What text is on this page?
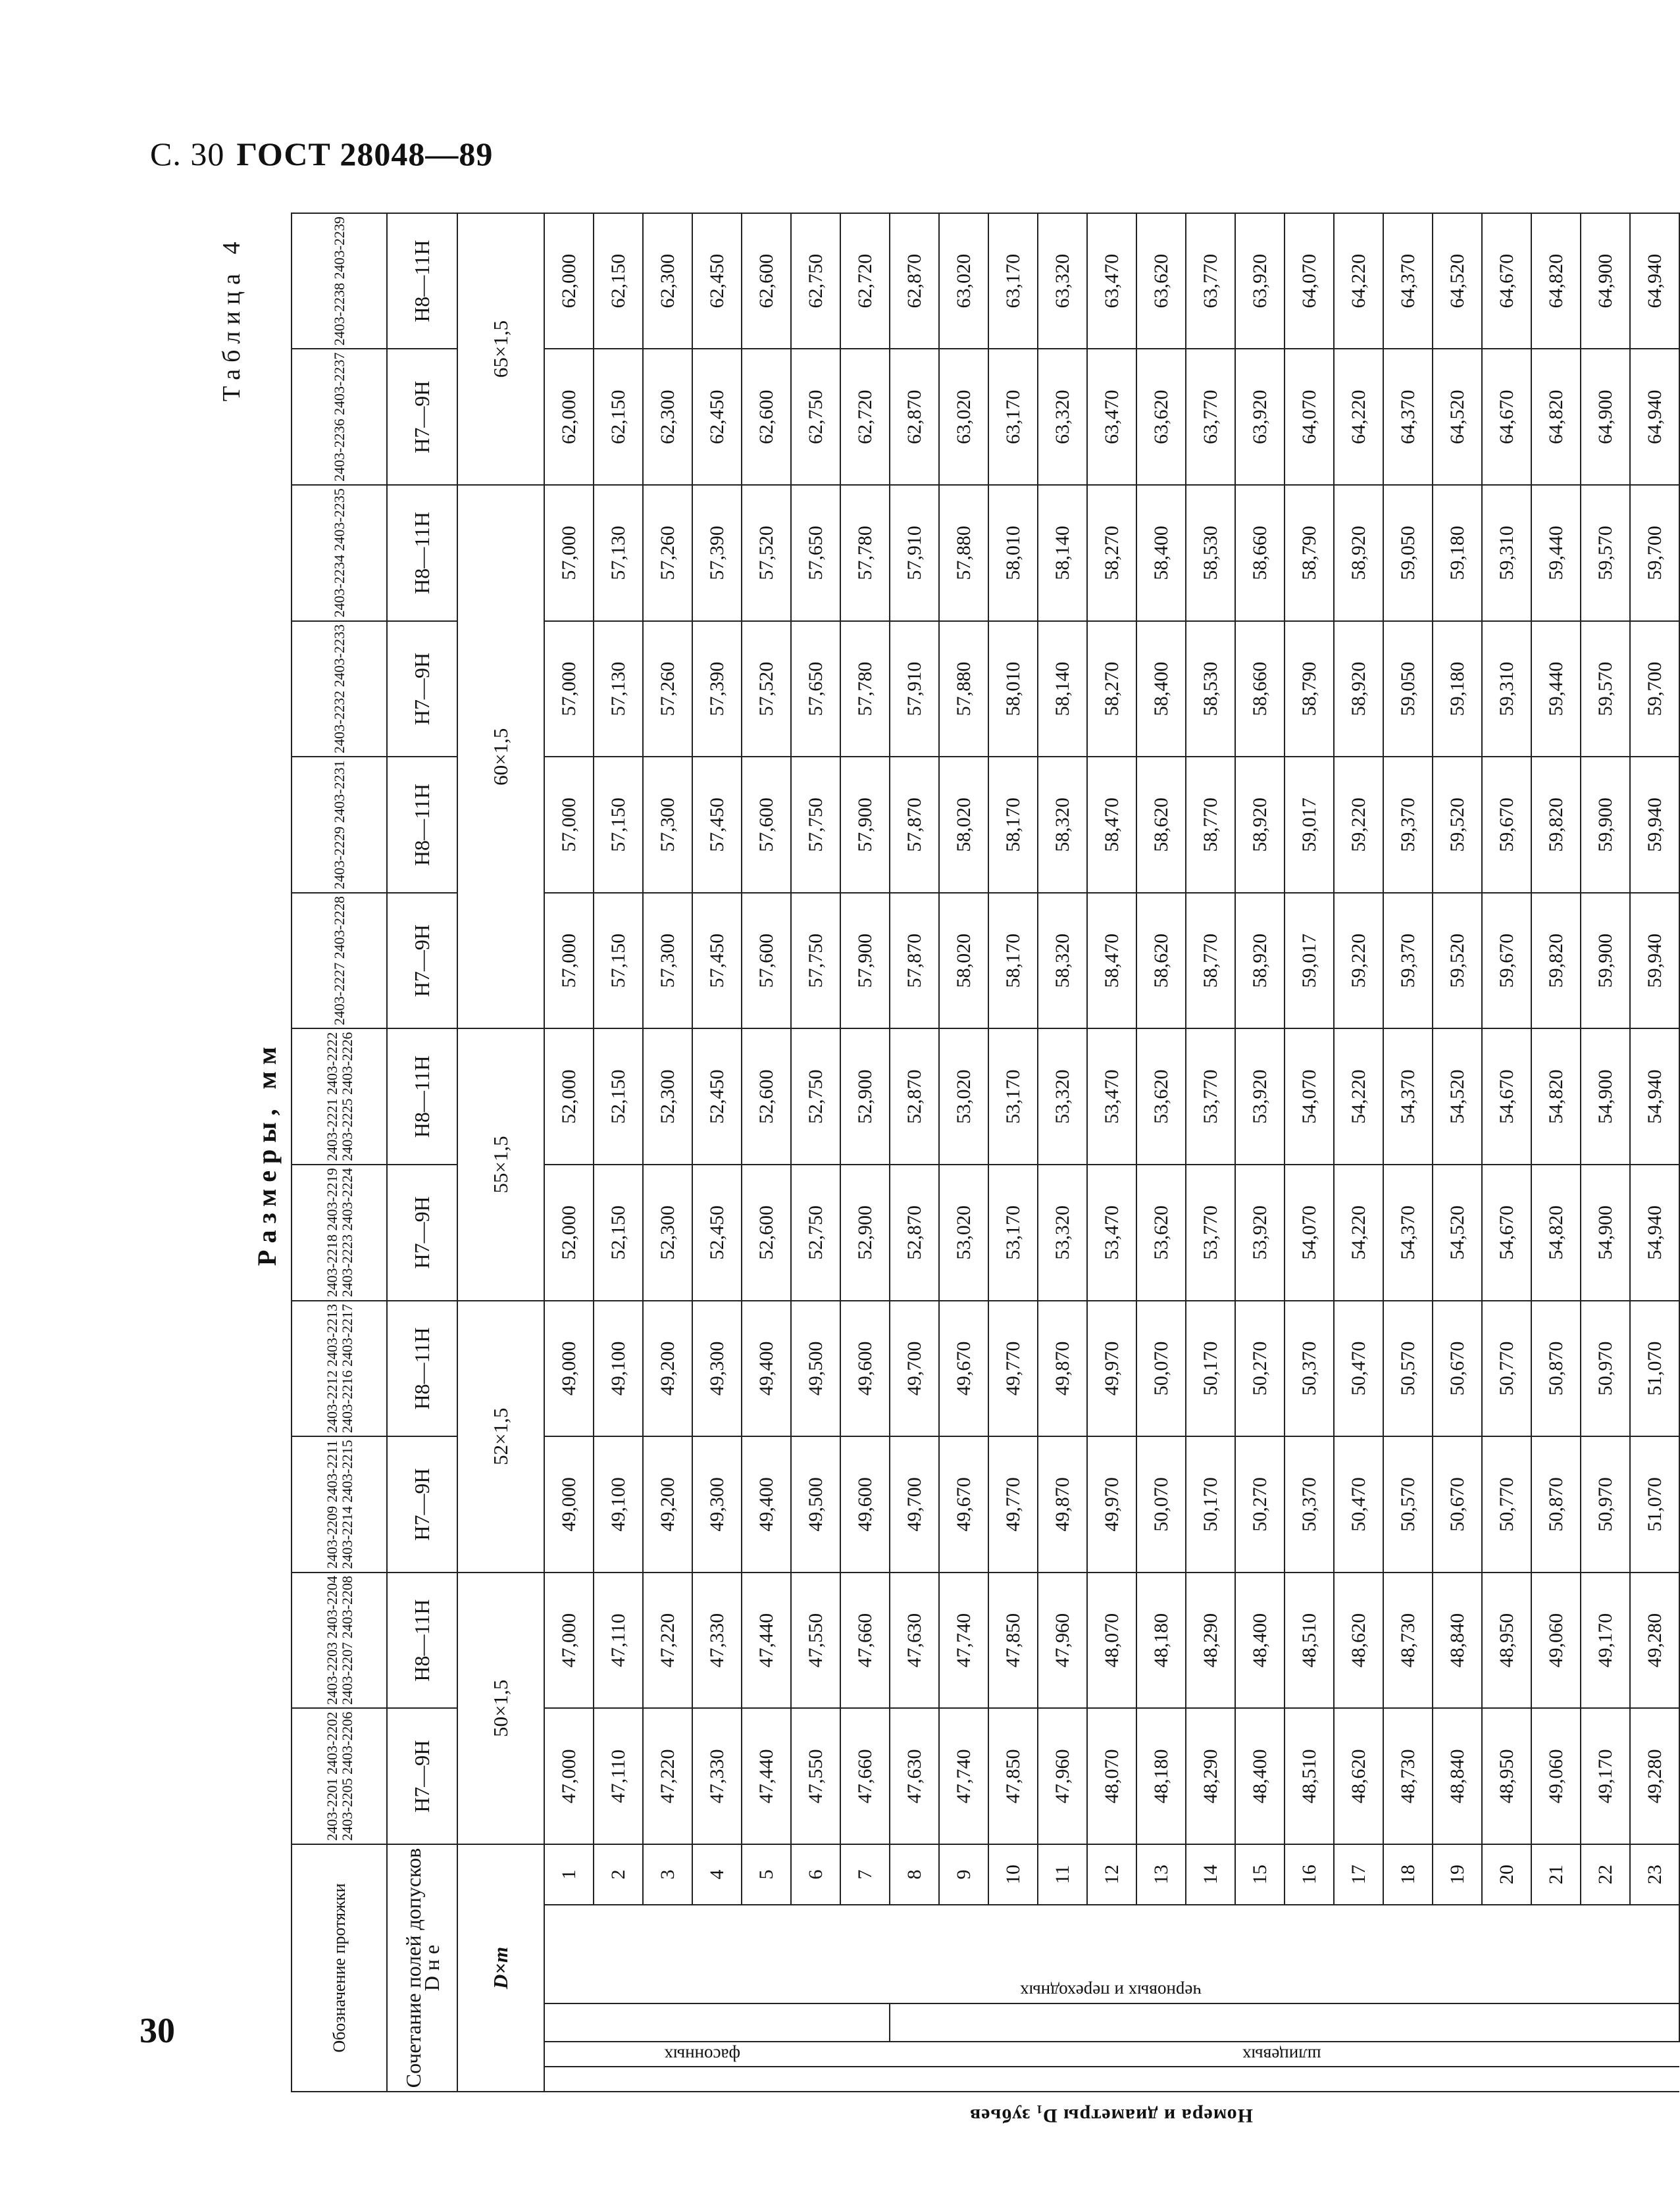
С. 30 ГОСТ 28048—89
Таблица 4
Размеры, мм
Обозначение протяжки					2403-2201 2403-2202 2403-2205 2403-2206	2403-2203 2403-2204 2403-2207 2403-2208	2403-2209 2403-2211 2403-2214 2403-2215	2403-2212 2403-2213 2403-2216 2403-2217	2403-2218 2403-2219 2403-2223 2403-2224	2403-2221 2403-2222 2403-2225 2403-2226	2403-2227 2403-2228	2403-2229 2403-2231	2403-2232 2403-2233	2403-2234 2403-2235	2403-2236 2403-2237	2403-2238 2403-2239
Сочетание полей допусков D н е					H7—9H	H8—11H	H7—9H	H8—11H	H7—9H	H8—11H	H7—9H	H8—11H	H7—9H	H8—11H	H7—9H	H8—11H
D×m					50×1,5		52×1,5		55×1,5		60×1,5				65×1,5	

				1	47,000	47,000	49,000	49,000	52,000	52,000	57,000	57,000	57,000	57,000	62,000	62,000
				2	47,110	47,110	49,100	49,100	52,150	52,150	57,150	57,150	57,130	57,130	62,150	62,150
				3	47,220	47,220	49,200	49,200	52,300	52,300	57,300	57,300	57,260	57,260	62,300	62,300
				4	47,330	47,330	49,300	49,300	52,450	52,450	57,450	57,450	57,390	57,390	62,450	62,450
				5	47,440	47,440	49,400	49,400	52,600	52,600	57,600	57,600	57,520	57,520	62,600	62,600
				6	47,550	47,550	49,500	49,500	52,750	52,750	57,750	57,750	57,650	57,650	62,750	62,750
				7	47,660	47,660	49,600	49,600	52,900	52,900	57,900	57,900	57,780	57,780	62,720	62,720
				8	47,630	47,630	49,700	49,700	52,870	52,870	57,870	57,870	57,910	57,910	62,870	62,870
				9	47,740	47,740	49,670	49,670	53,020	53,020	58,020	58,020	57,880	57,880	63,020	63,020
				10	47,850	47,850	49,770	49,770	53,170	53,170	58,170	58,170	58,010	58,010	63,170	63,170
				11	47,960	47,960	49,870	49,870	53,320	53,320	58,320	58,320	58,140	58,140	63,320	63,320
				12	48,070	48,070	49,970	49,970	53,470	53,470	58,470	58,470	58,270	58,270	63,470	63,470
				13	48,180	48,180	50,070	50,070	53,620	53,620	58,620	58,620	58,400	58,400	63,620	63,620
				14	48,290	48,290	50,170	50,170	53,770	53,770	58,770	58,770	58,530	58,530	63,770	63,770
				15	48,400	48,400	50,270	50,270	53,920	53,920	58,920	58,920	58,660	58,660	63,920	63,920
				16	48,510	48,510	50,370	50,370	54,070	54,070	59,017	59,017	58,790	58,790	64,070	64,070
				17	48,620	48,620	50,470	50,470	54,220	54,220	59,220	59,220	58,920	58,920	64,220	64,220
				18	48,730	48,730	50,570	50,570	54,370	54,370	59,370	59,370	59,050	59,050	64,370	64,370
				19	48,840	48,840	50,670	50,670	54,520	54,520	59,520	59,520	59,180	59,180	64,520	64,520
				20	48,950	48,950	50,770	50,770	54,670	54,670	59,670	59,670	59,310	59,310	64,670	64,670
				21	49,060	49,060	50,870	50,870	54,820	54,820	59,820	59,820	59,440	59,440	64,820	64,820
				22	49,170	49,170	50,970	50,970	54,900	54,900	59,900	59,900	59,570	59,570	64,900	64,900
				23	49,280	49,280	51,070	51,070	54,940	54,940	59,940	59,940	59,700	59,700	64,940	64,940
Номера и диаметры D₁ зубьев
фасонных	шлицевых
черновых и переходных
30
